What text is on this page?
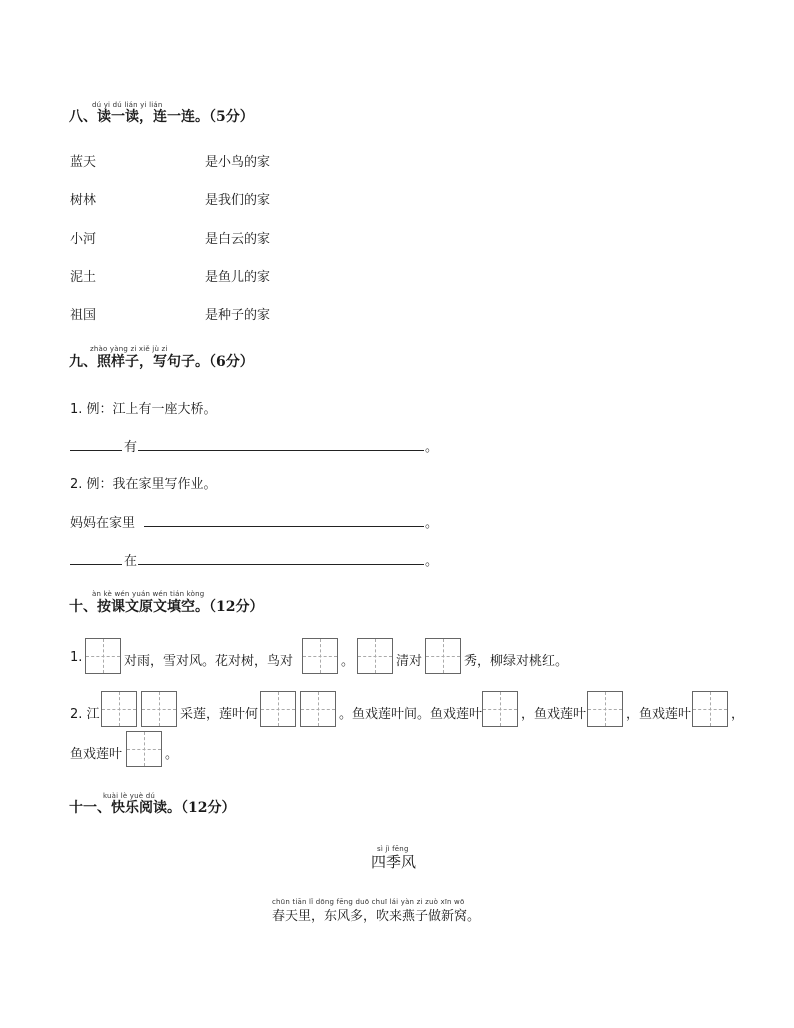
dú yi dú lián yi lián
八、读一读，连一连。（5分）
蓝天	是小鸟的家
树林	是我们的家
小河	是白云的家
泥土	是鱼儿的家
祖国	是种子的家
zhào yàng zi xiě jù zi
九、照样子，写句子。（6分）
1. 例：江上有一座大桥。
有	。
2. 例：我在家里写作业。
妈妈在家里	。
在	。
àn kè wén yuán wén tián kòng
十、按课文原文填空。（12分）
1.	对雨，雪对风。花对树，鸟对	。	清对	秀，柳绿对桃红。
2. 江	采莲，莲叶何	。鱼戏莲叶间。鱼戏莲叶	，鱼戏莲叶	，鱼戏莲叶	，
鱼戏莲叶	。
kuài lè yuè dú
十一、快乐阅读。（12分）
sì jì fēng
四季风
chūn tiān lǐ dōng fēng duō chuī lái yàn zi zuò xīn wō
春天里，东风多，吹来燕子做新窝。
